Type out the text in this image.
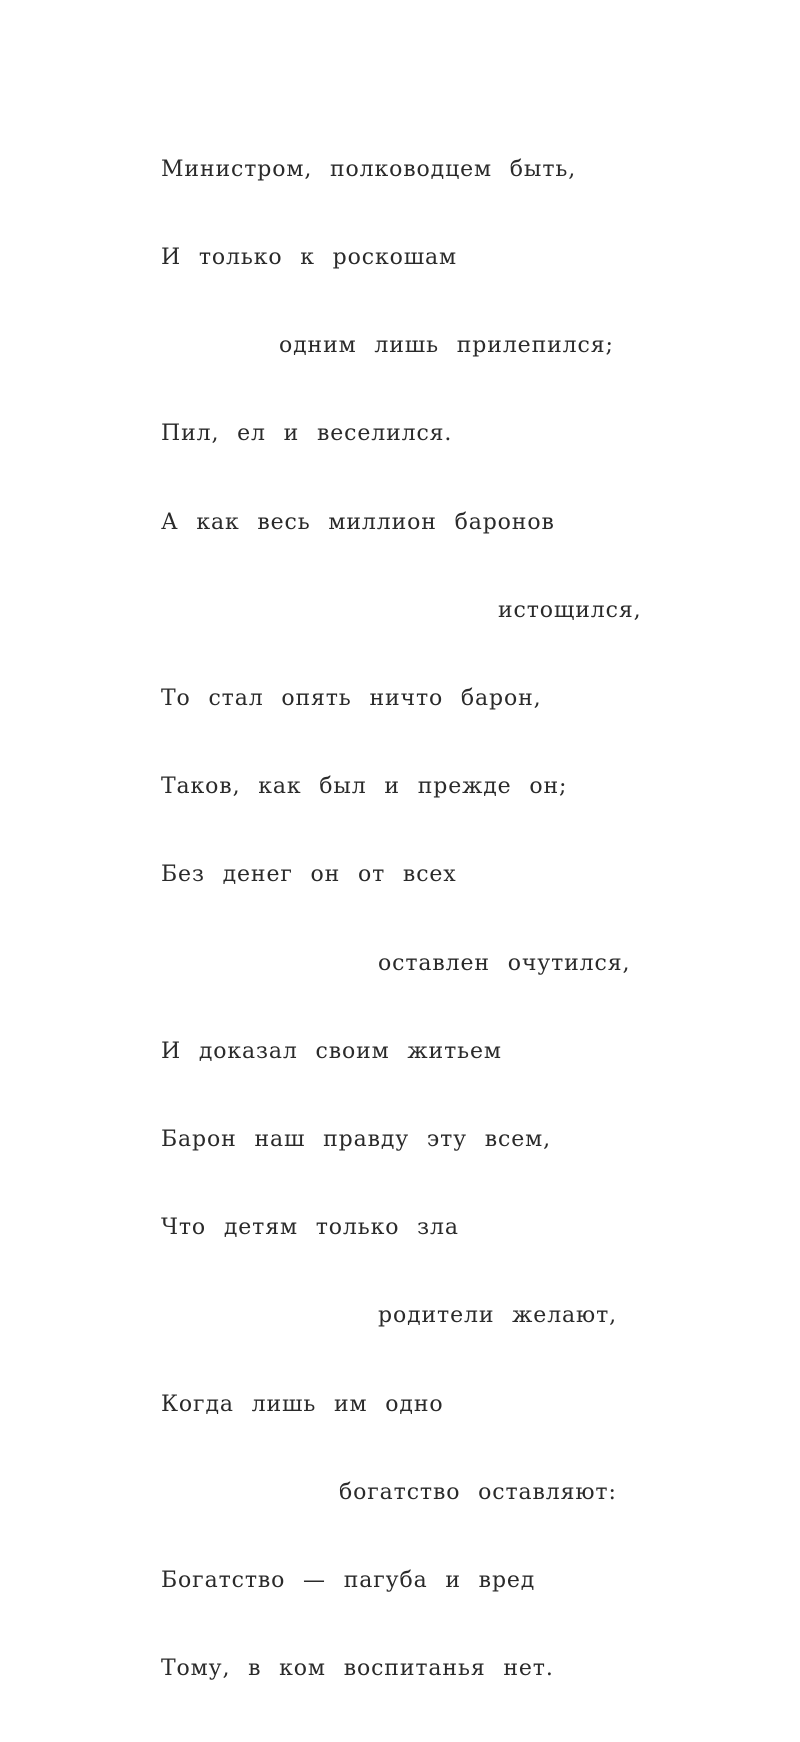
Министром, полководцем быть,

И только к роскошам

одним лишь прилепился;

Пил, ел и веселился.

А как весь миллион баронов

истощился,

То стал опять ничто барон,

Таков, как был и прежде он;

Без денег он от всех

оставлен очутился,

И доказал своим житьем

Барон наш правду эту всем,

Что детям только зла

родители желают,

Когда лишь им одно

богатство оставляют:

Богатство — пагуба и вред

Тому, в ком воспитанья нет.
